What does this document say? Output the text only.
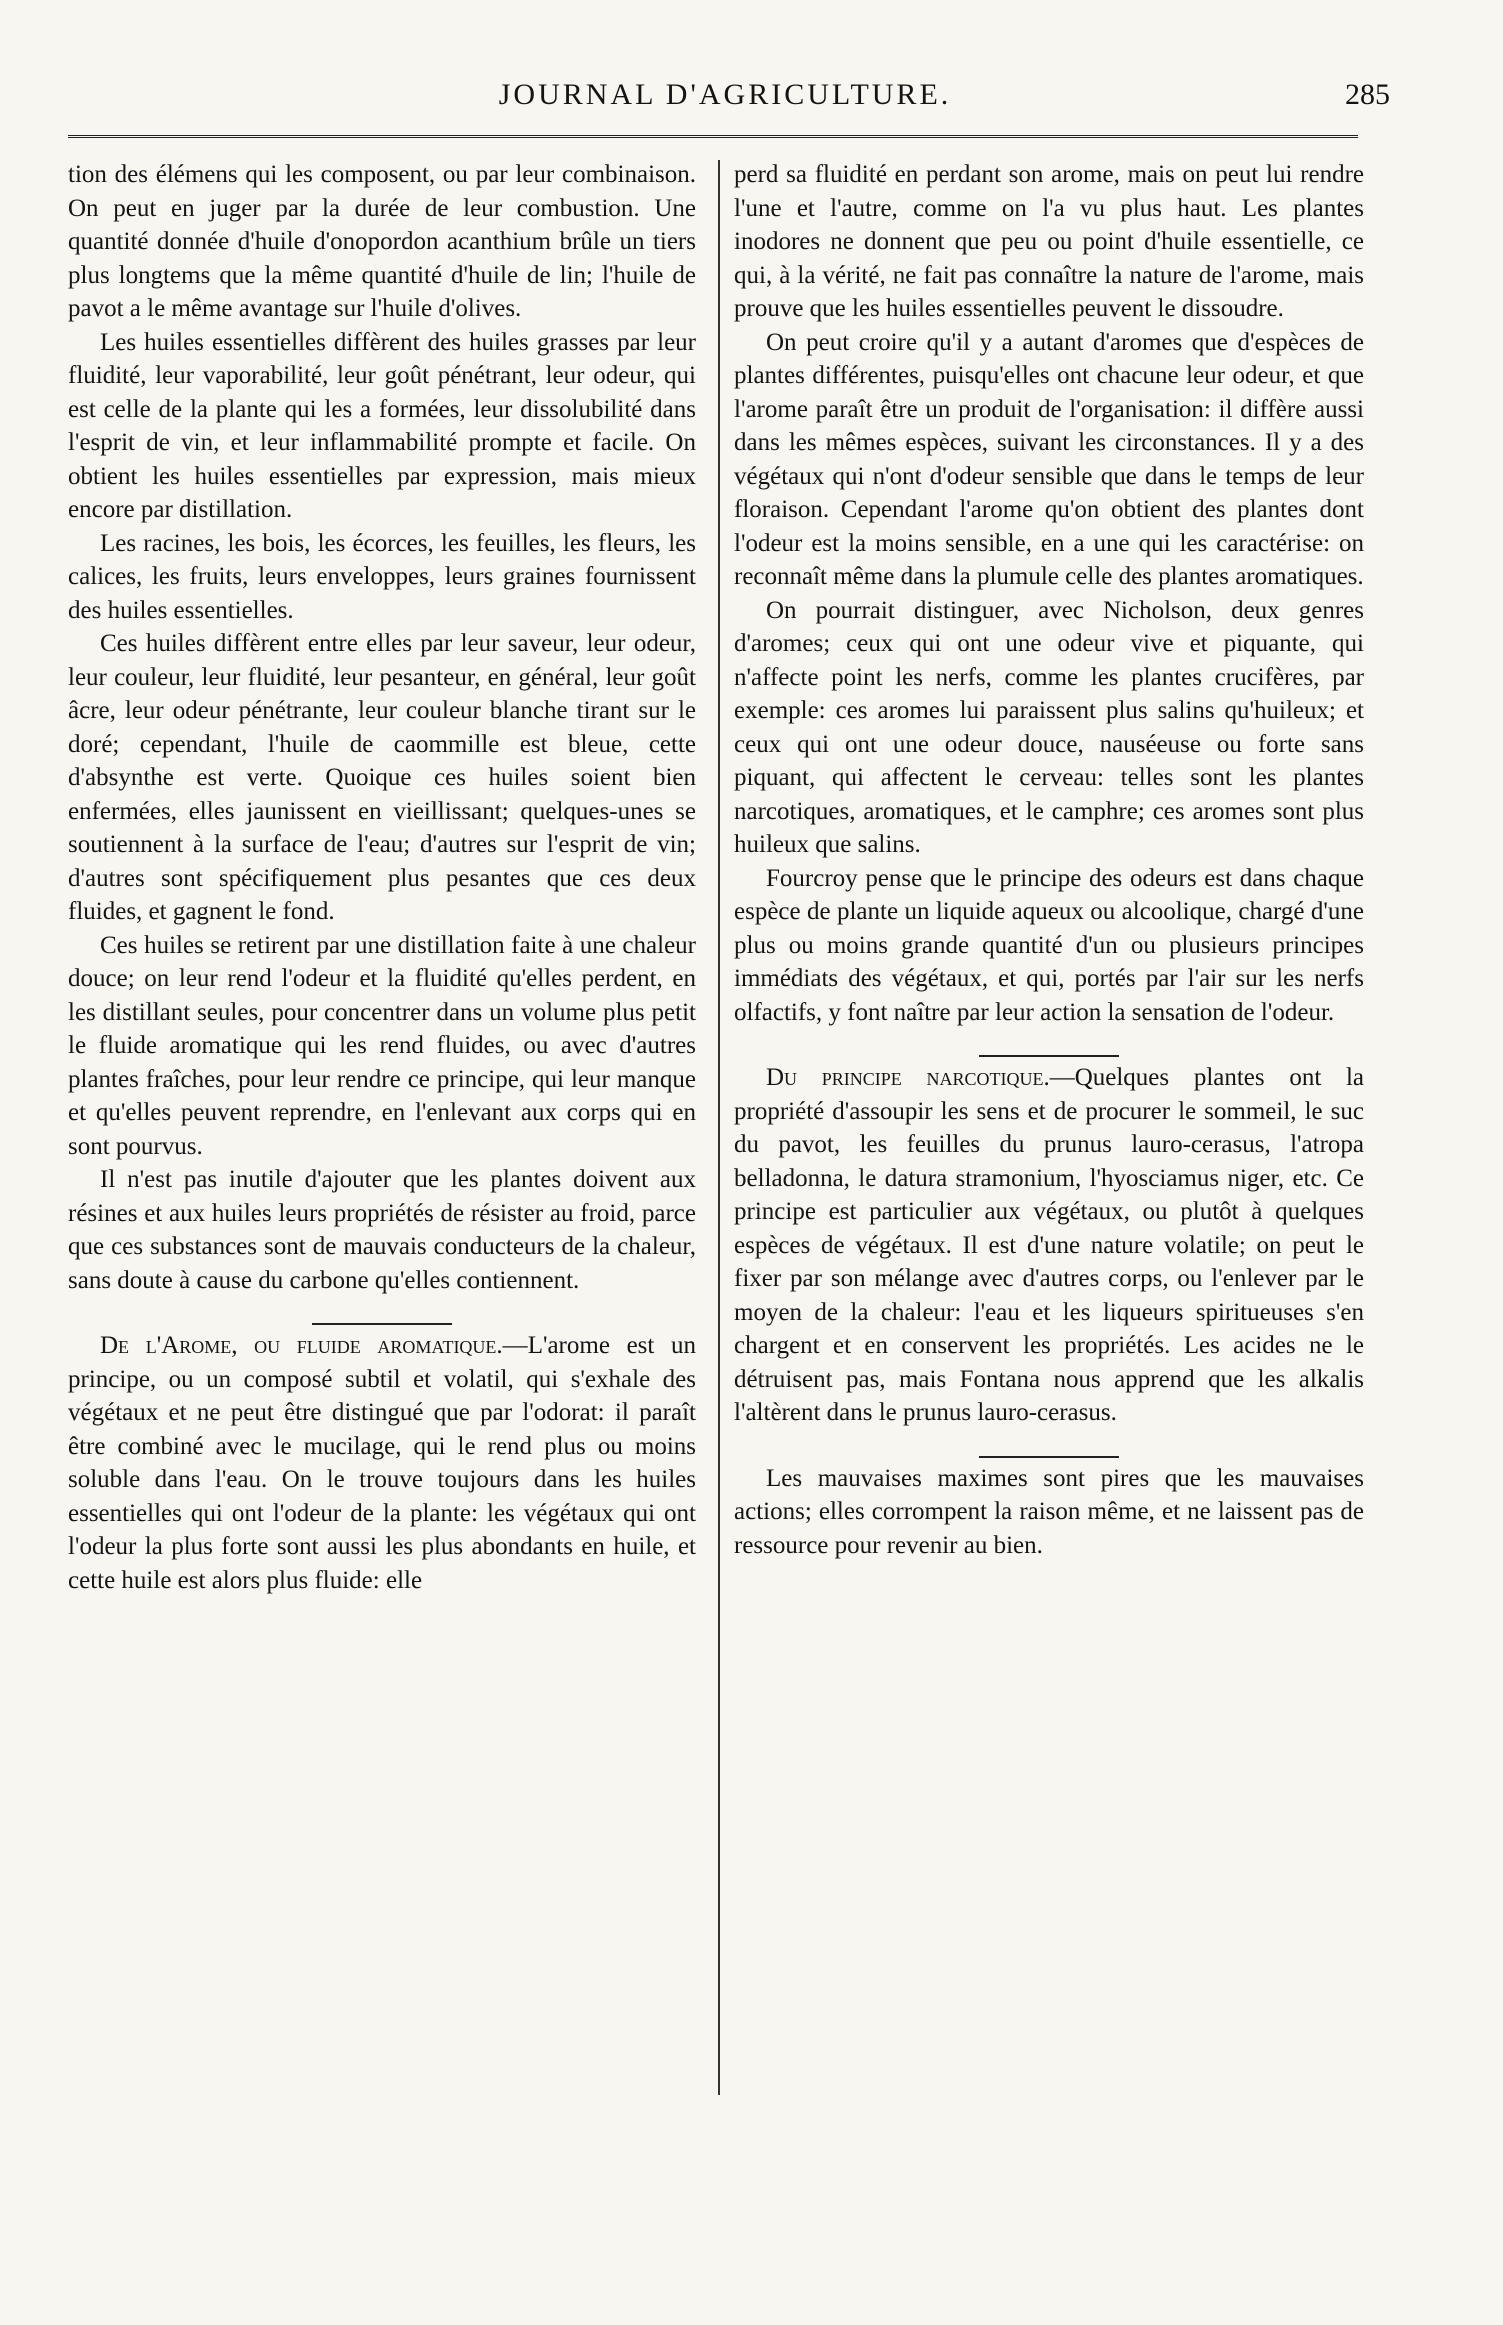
JOURNAL D'AGRICULTURE.	285

tion des élémens qui les composent, ou par leur combinaison. On peut en juger par la durée de leur combustion. Une quantité donnée d'huile d'onopordon acanthium brûle un tiers plus longtems que la même quantité d'huile de lin; l'huile de pavot a le même avantage sur l'huile d'olives.

Les huiles essentielles diffèrent des huiles grasses par leur fluidité, leur vaporabilité, leur goût pénétrant, leur odeur, qui est celle de la plante qui les a formées, leur dissolubilité dans l'esprit de vin, et leur inflammabilité prompte et facile. On obtient les huiles essentielles par expression, mais mieux encore par distillation.

Les racines, les bois, les écorces, les feuilles, les fleurs, les calices, les fruits, leurs enveloppes, leurs graines fournissent des huiles essentielles.

Ces huiles diffèrent entre elles par leur saveur, leur odeur, leur couleur, leur fluidité, leur pesanteur, en général, leur goût âcre, leur odeur pénétrante, leur couleur blanche tirant sur le doré; cependant, l'huile de caommille est bleue, cette d'absynthe est verte. Quoique ces huiles soient bien enfermées, elles jaunissent en vieillissant; quelques-unes se soutiennent à la surface de l'eau; d'autres sur l'esprit de vin; d'autres sont spécifiquement plus pesantes que ces deux fluides, et gagnent le fond.

Ces huiles se retirent par une distillation faite à une chaleur douce; on leur rend l'odeur et la fluidité qu'elles perdent, en les distillant seules, pour concentrer dans un volume plus petit le fluide aromatique qui les rend fluides, ou avec d'autres plantes fraîches, pour leur rendre ce principe, qui leur manque et qu'elles peuvent reprendre, en l'enlevant aux corps qui en sont pourvus.

Il n'est pas inutile d'ajouter que les plantes doivent aux résines et aux huiles leurs propriétés de résister au froid, parce que ces substances sont de mauvais conducteurs de la chaleur, sans doute à cause du carbone qu'elles contiennent.

De l'Arome, ou fluide aromatique.—L'arome est un principe, ou un composé subtil et volatil, qui s'exhale des végétaux et ne peut être distingué que par l'odorat: il paraît être combiné avec le mucilage, qui le rend plus ou moins soluble dans l'eau. On le trouve toujours dans les huiles essentielles qui ont l'odeur de la plante: les végétaux qui ont l'odeur la plus forte sont aussi les plus abondants en huile, et cette huile est alors plus fluide: elle

perd sa fluidité en perdant son arome, mais on peut lui rendre l'une et l'autre, comme on l'a vu plus haut. Les plantes inodores ne donnent que peu ou point d'huile essentielle, ce qui, à la vérité, ne fait pas connaître la nature de l'arome, mais prouve que les huiles essentielles peuvent le dissoudre.

On peut croire qu'il y a autant d'aromes que d'espèces de plantes différentes, puisqu'elles ont chacune leur odeur, et que l'arome paraît être un produit de l'organisation: il diffère aussi dans les mêmes espèces, suivant les circonstances. Il y a des végétaux qui n'ont d'odeur sensible que dans le temps de leur floraison. Cependant l'arome qu'on obtient des plantes dont l'odeur est la moins sensible, en a une qui les caractérise: on reconnaît même dans la plumule celle des plantes aromatiques.

On pourrait distinguer, avec Nicholson, deux genres d'aromes; ceux qui ont une odeur vive et piquante, qui n'affecte point les nerfs, comme les plantes crucifères, par exemple: ces aromes lui paraissent plus salins qu'huileux; et ceux qui ont une odeur douce, nauséeuse ou forte sans piquant, qui affectent le cerveau: telles sont les plantes narcotiques, aromatiques, et le camphre; ces aromes sont plus huileux que salins.

Fourcroy pense que le principe des odeurs est dans chaque espèce de plante un liquide aqueux ou alcoolique, chargé d'une plus ou moins grande quantité d'un ou plusieurs principes immédiats des végétaux, et qui, portés par l'air sur les nerfs olfactifs, y font naître par leur action la sensation de l'odeur.

Du principe narcotique.—Quelques plantes ont la propriété d'assoupir les sens et de procurer le sommeil, le suc du pavot, les feuilles du prunus lauro-cerasus, l'atropa belladonna, le datura stramonium, l'hyosciamus niger, etc. Ce principe est particulier aux végétaux, ou plutôt à quelques espèces de végétaux. Il est d'une nature volatile; on peut le fixer par son mélange avec d'autres corps, ou l'enlever par le moyen de la chaleur: l'eau et les liqueurs spiritueuses s'en chargent et en conservent les propriétés. Les acides ne le détruisent pas, mais Fontana nous apprend que les alkalis l'altèrent dans le prunus lauro-cerasus.

Les mauvaises maximes sont pires que les mauvaises actions; elles corrompent la raison même, et ne laissent pas de ressource pour revenir au bien.
